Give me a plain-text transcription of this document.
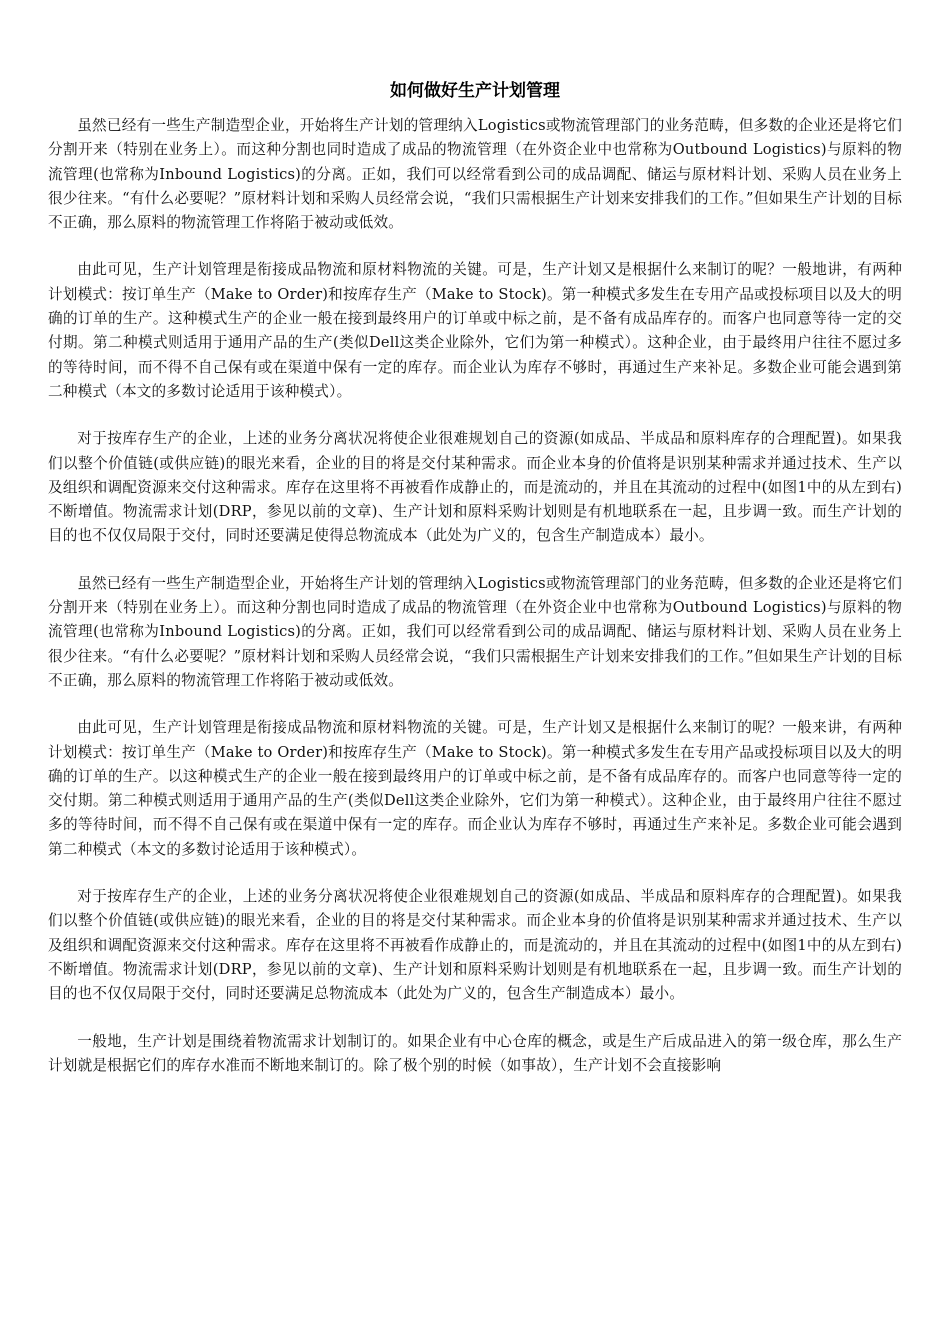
如何做好生产计划管理

虽然已经有一些生产制造型企业，开始将生产计划的管理纳入Logistics或物流管理部门的业务范畴，但多数的企业还是将它们分割开来（特别在业务上）。而这种分割也同时造成了成品的物流管理（在外资企业中也常称为Outbound Logistics)与原料的物流管理(也常称为Inbound Logistics)的分离。正如，我们可以经常看到公司的成品调配、储运与原材料计划、采购人员在业务上很少往来。“有什么必要呢？”原材料计划和采购人员经常会说，“我们只需根据生产计划来安排我们的工作。”但如果生产计划的目标不正确，那么原料的物流管理工作将陷于被动或低效。

由此可见，生产计划管理是衔接成品物流和原材料物流的关键。可是，生产计划又是根据什么来制订的呢？一般地讲，有两种计划模式：按订单生产（Make to Order)和按库存生产（Make to Stock)。第一种模式多发生在专用产品或投标项目以及大的明确的订单的生产。这种模式生产的企业一般在接到最终用户的订单或中标之前，是不备有成品库存的。而客户也同意等待一定的交付期。第二种模式则适用于通用产品的生产(类似Dell这类企业除外，它们为第一种模式）。这种企业，由于最终用户往往不愿过多的等待时间，而不得不自己保有或在渠道中保有一定的库存。而企业认为库存不够时，再通过生产来补足。多数企业可能会遇到第二种模式（本文的多数讨论适用于该种模式）。

对于按库存生产的企业，上述的业务分离状况将使企业很难规划自己的资源(如成品、半成品和原料库存的合理配置)。如果我们以整个价值链(或供应链)的眼光来看，企业的目的将是交付某种需求。而企业本身的价值将是识别某种需求并通过技术、生产以及组织和调配资源来交付这种需求。库存在这里将不再被看作成静止的，而是流动的，并且在其流动的过程中(如图1中的从左到右)不断增值。物流需求计划(DRP，参见以前的文章)、生产计划和原料采购计划则是有机地联系在一起，且步调一致。而生产计划的目的也不仅仅局限于交付，同时还要满足使得总物流成本（此处为广义的，包含生产制造成本）最小。

虽然已经有一些生产制造型企业，开始将生产计划的管理纳入Logistics或物流管理部门的业务范畴，但多数的企业还是将它们分割开来（特别在业务上）。而这种分割也同时造成了成品的物流管理（在外资企业中也常称为Outbound Logistics)与原料的物流管理(也常称为Inbound Logistics)的分离。正如，我们可以经常看到公司的成品调配、储运与原材料计划、采购人员在业务上很少往来。“有什么必要呢？”原材料计划和采购人员经常会说，“我们只需根据生产计划来安排我们的工作。”但如果生产计划的目标不正确，那么原料的物流管理工作将陷于被动或低效。

由此可见，生产计划管理是衔接成品物流和原材料物流的关键。可是，生产计划又是根据什么来制订的呢？一般来讲，有两种计划模式：按订单生产（Make to Order)和按库存生产（Make to Stock)。第一种模式多发生在专用产品或投标项目以及大的明确的订单的生产。以这种模式生产的企业一般在接到最终用户的订单或中标之前，是不备有成品库存的。而客户也同意等待一定的交付期。第二种模式则适用于通用产品的生产(类似Dell这类企业除外，它们为第一种模式）。这种企业，由于最终用户往往不愿过多的等待时间，而不得不自己保有或在渠道中保有一定的库存。而企业认为库存不够时，再通过生产来补足。多数企业可能会遇到第二种模式（本文的多数讨论适用于该种模式）。

对于按库存生产的企业，上述的业务分离状况将使企业很难规划自己的资源(如成品、半成品和原料库存的合理配置)。如果我们以整个价值链(或供应链)的眼光来看，企业的目的将是交付某种需求。而企业本身的价值将是识别某种需求并通过技术、生产以及组织和调配资源来交付这种需求。库存在这里将不再被看作成静止的，而是流动的，并且在其流动的过程中(如图1中的从左到右)不断增值。物流需求计划(DRP，参见以前的文章)、生产计划和原料采购计划则是有机地联系在一起，且步调一致。而生产计划的目的也不仅仅局限于交付，同时还要满足总物流成本（此处为广义的，包含生产制造成本）最小。

一般地，生产计划是围绕着物流需求计划制订的。如果企业有中心仓库的概念，或是生产后成品进入的第一级仓库，那么生产计划就是根据它们的库存水准而不断地来制订的。除了极个别的时候（如事故），生产计划不会直接影响
